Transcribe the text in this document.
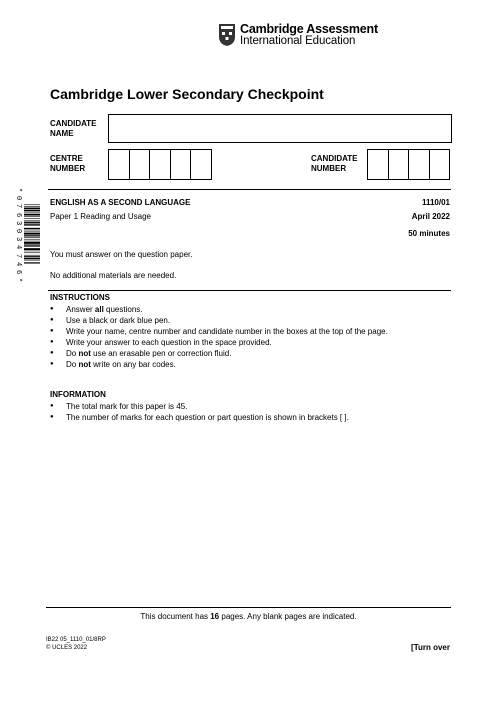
Cambridge Assessment
International Education
Cambridge Lower Secondary Checkpoint
CANDIDATE
NAME
CENTRE
NUMBER
CANDIDATE
NUMBER
*
0
7
6
3
0
3
4
7
4
6
*
ENGLISH AS A SECOND LANGUAGE	1110/01
Paper 1 Reading and Usage	April 2022
50 minutes
You must answer on the question paper.
No additional materials are needed.
INSTRUCTIONS
● Answer all questions.
● Use a black or dark blue pen.
● Write your name, centre number and candidate number in the boxes at the top of the page.
● Write your answer to each question in the space provided.
● Do not use an erasable pen or correction fluid.
● Do not write on any bar codes.
INFORMATION
● The total mark for this paper is 45.
● The number of marks for each question or part question is shown in brackets [ ].
This document has 16 pages. Any blank pages are indicated.
IB22 05_1110_01/8RP
© UCLES 2022	[Turn over
